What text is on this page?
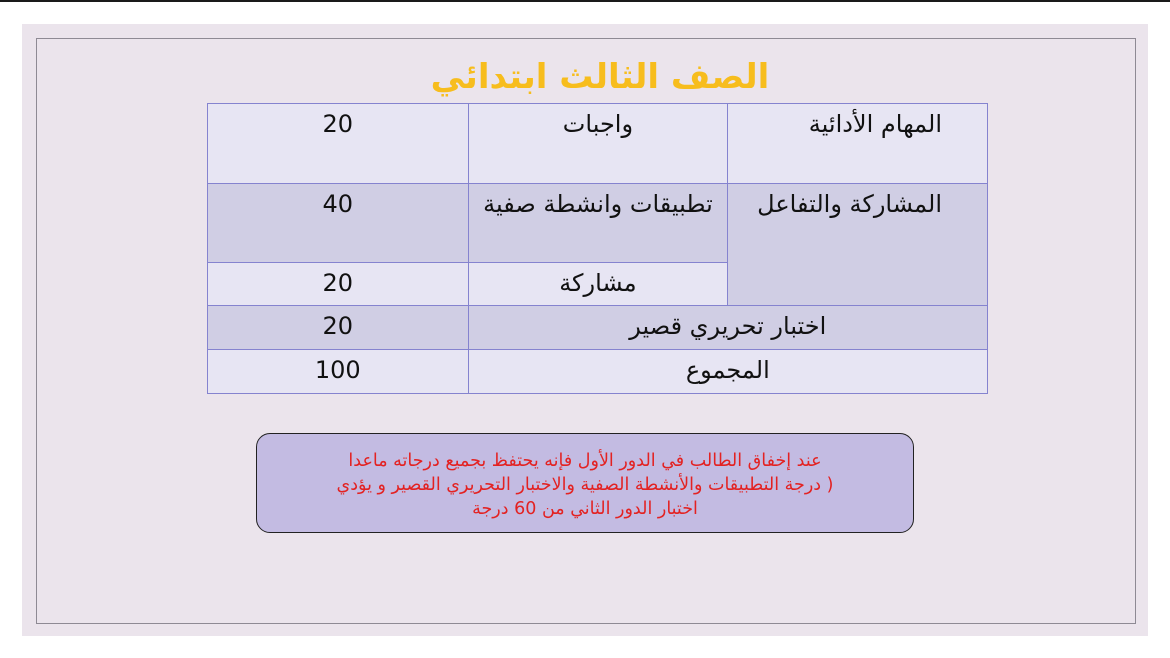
الصف الثالث ابتدائي
المهام الأدائية	واجبات	20
المشاركة والتفاعل	تطبيقات وانشطة صفية	40
	مشاركة	20
اختبار تحريري قصير		20
المجموع		100
عند إخفاق الطالب في الدور الأول فإنه يحتفظ بجميع درجاته ماعدا
( درجة التطبيقات والأنشطة الصفية والاختبار التحريري القصير و يؤدي
اختبار الدور الثاني من 60 درجة
